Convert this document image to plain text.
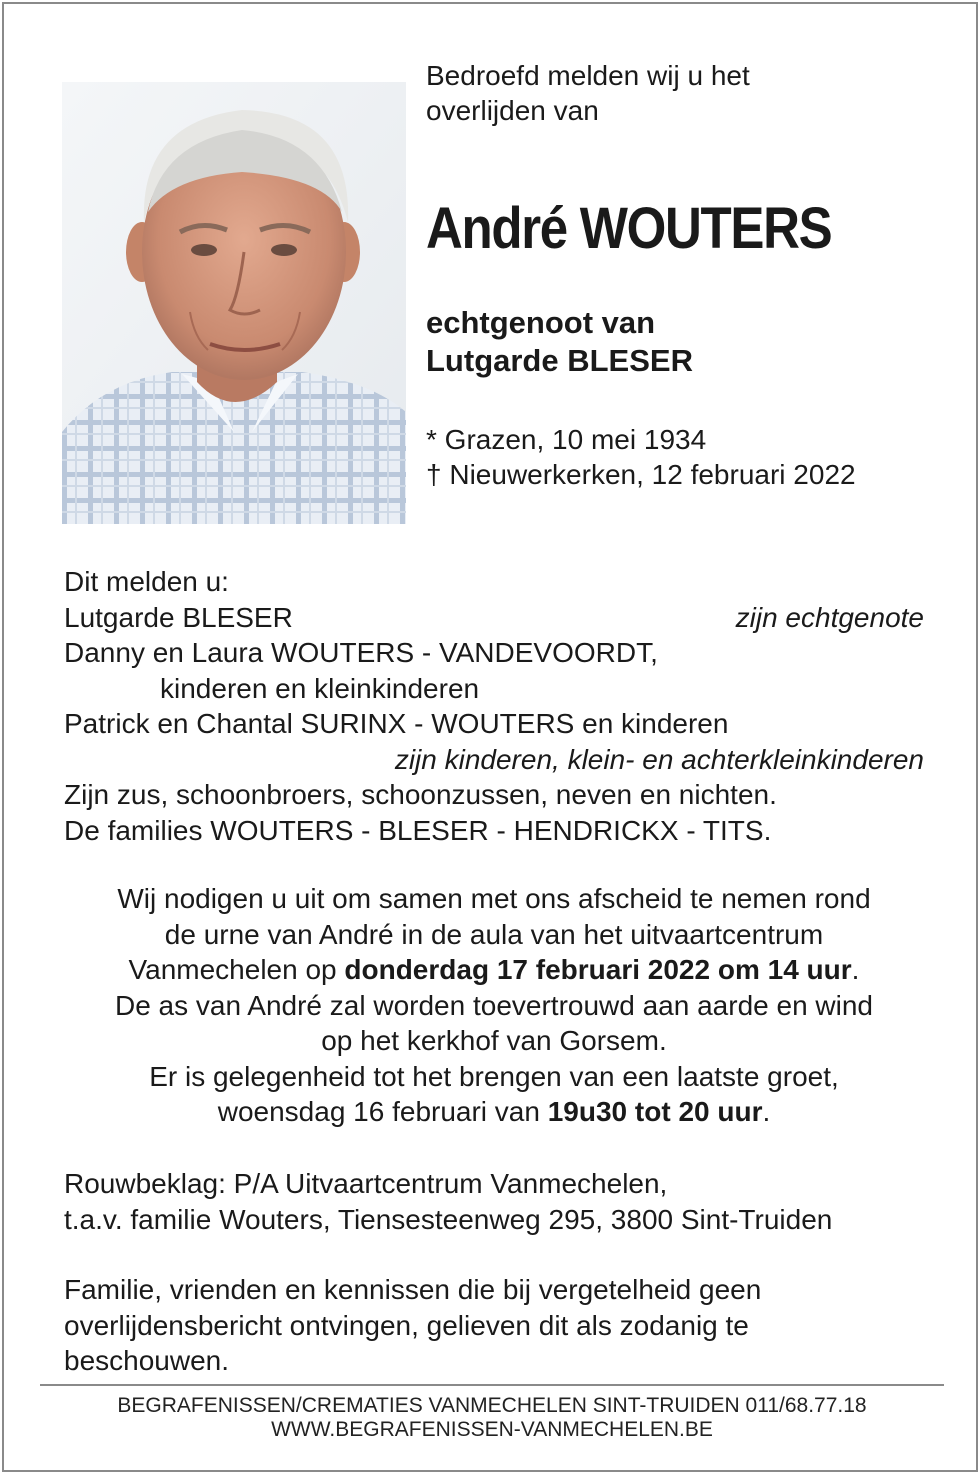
Bedroefd melden wij u het
overlijden van
André WOUTERS
echtgenoot van
Lutgarde BLESER
* Grazen, 10 mei 1934
† Nieuwerkerken, 12 februari 2022
Dit melden u:
Lutgarde BLESER	zijn echtgenote
Danny en Laura WOUTERS - VANDEVOORDT,
kinderen en kleinkinderen
Patrick en Chantal SURINX - WOUTERS en kinderen
zijn kinderen, klein- en achterkleinkinderen
Zijn zus, schoonbroers, schoonzussen, neven en nichten.
De families WOUTERS - BLESER - HENDRICKX - TITS.
Wij nodigen u uit om samen met ons afscheid te nemen rond
de urne van André in de aula van het uitvaartcentrum
Vanmechelen op donderdag 17 februari 2022 om 14 uur.
De as van André zal worden toevertrouwd aan aarde en wind
op het kerkhof van Gorsem.
Er is gelegenheid tot het brengen van een laatste groet,
woensdag 16 februari van 19u30 tot 20 uur.
Rouwbeklag: P/A Uitvaartcentrum Vanmechelen,
t.a.v. familie Wouters, Tiensesteenweg 295, 3800 Sint-Truiden
Familie, vrienden en kennissen die bij vergetelheid geen
overlijdensbericht ontvingen, gelieven dit als zodanig te
beschouwen.
BEGRAFENISSEN/CREMATIES VANMECHELEN SINT-TRUIDEN 011/68.77.18
WWW.BEGRAFENISSEN-VANMECHELEN.BE
